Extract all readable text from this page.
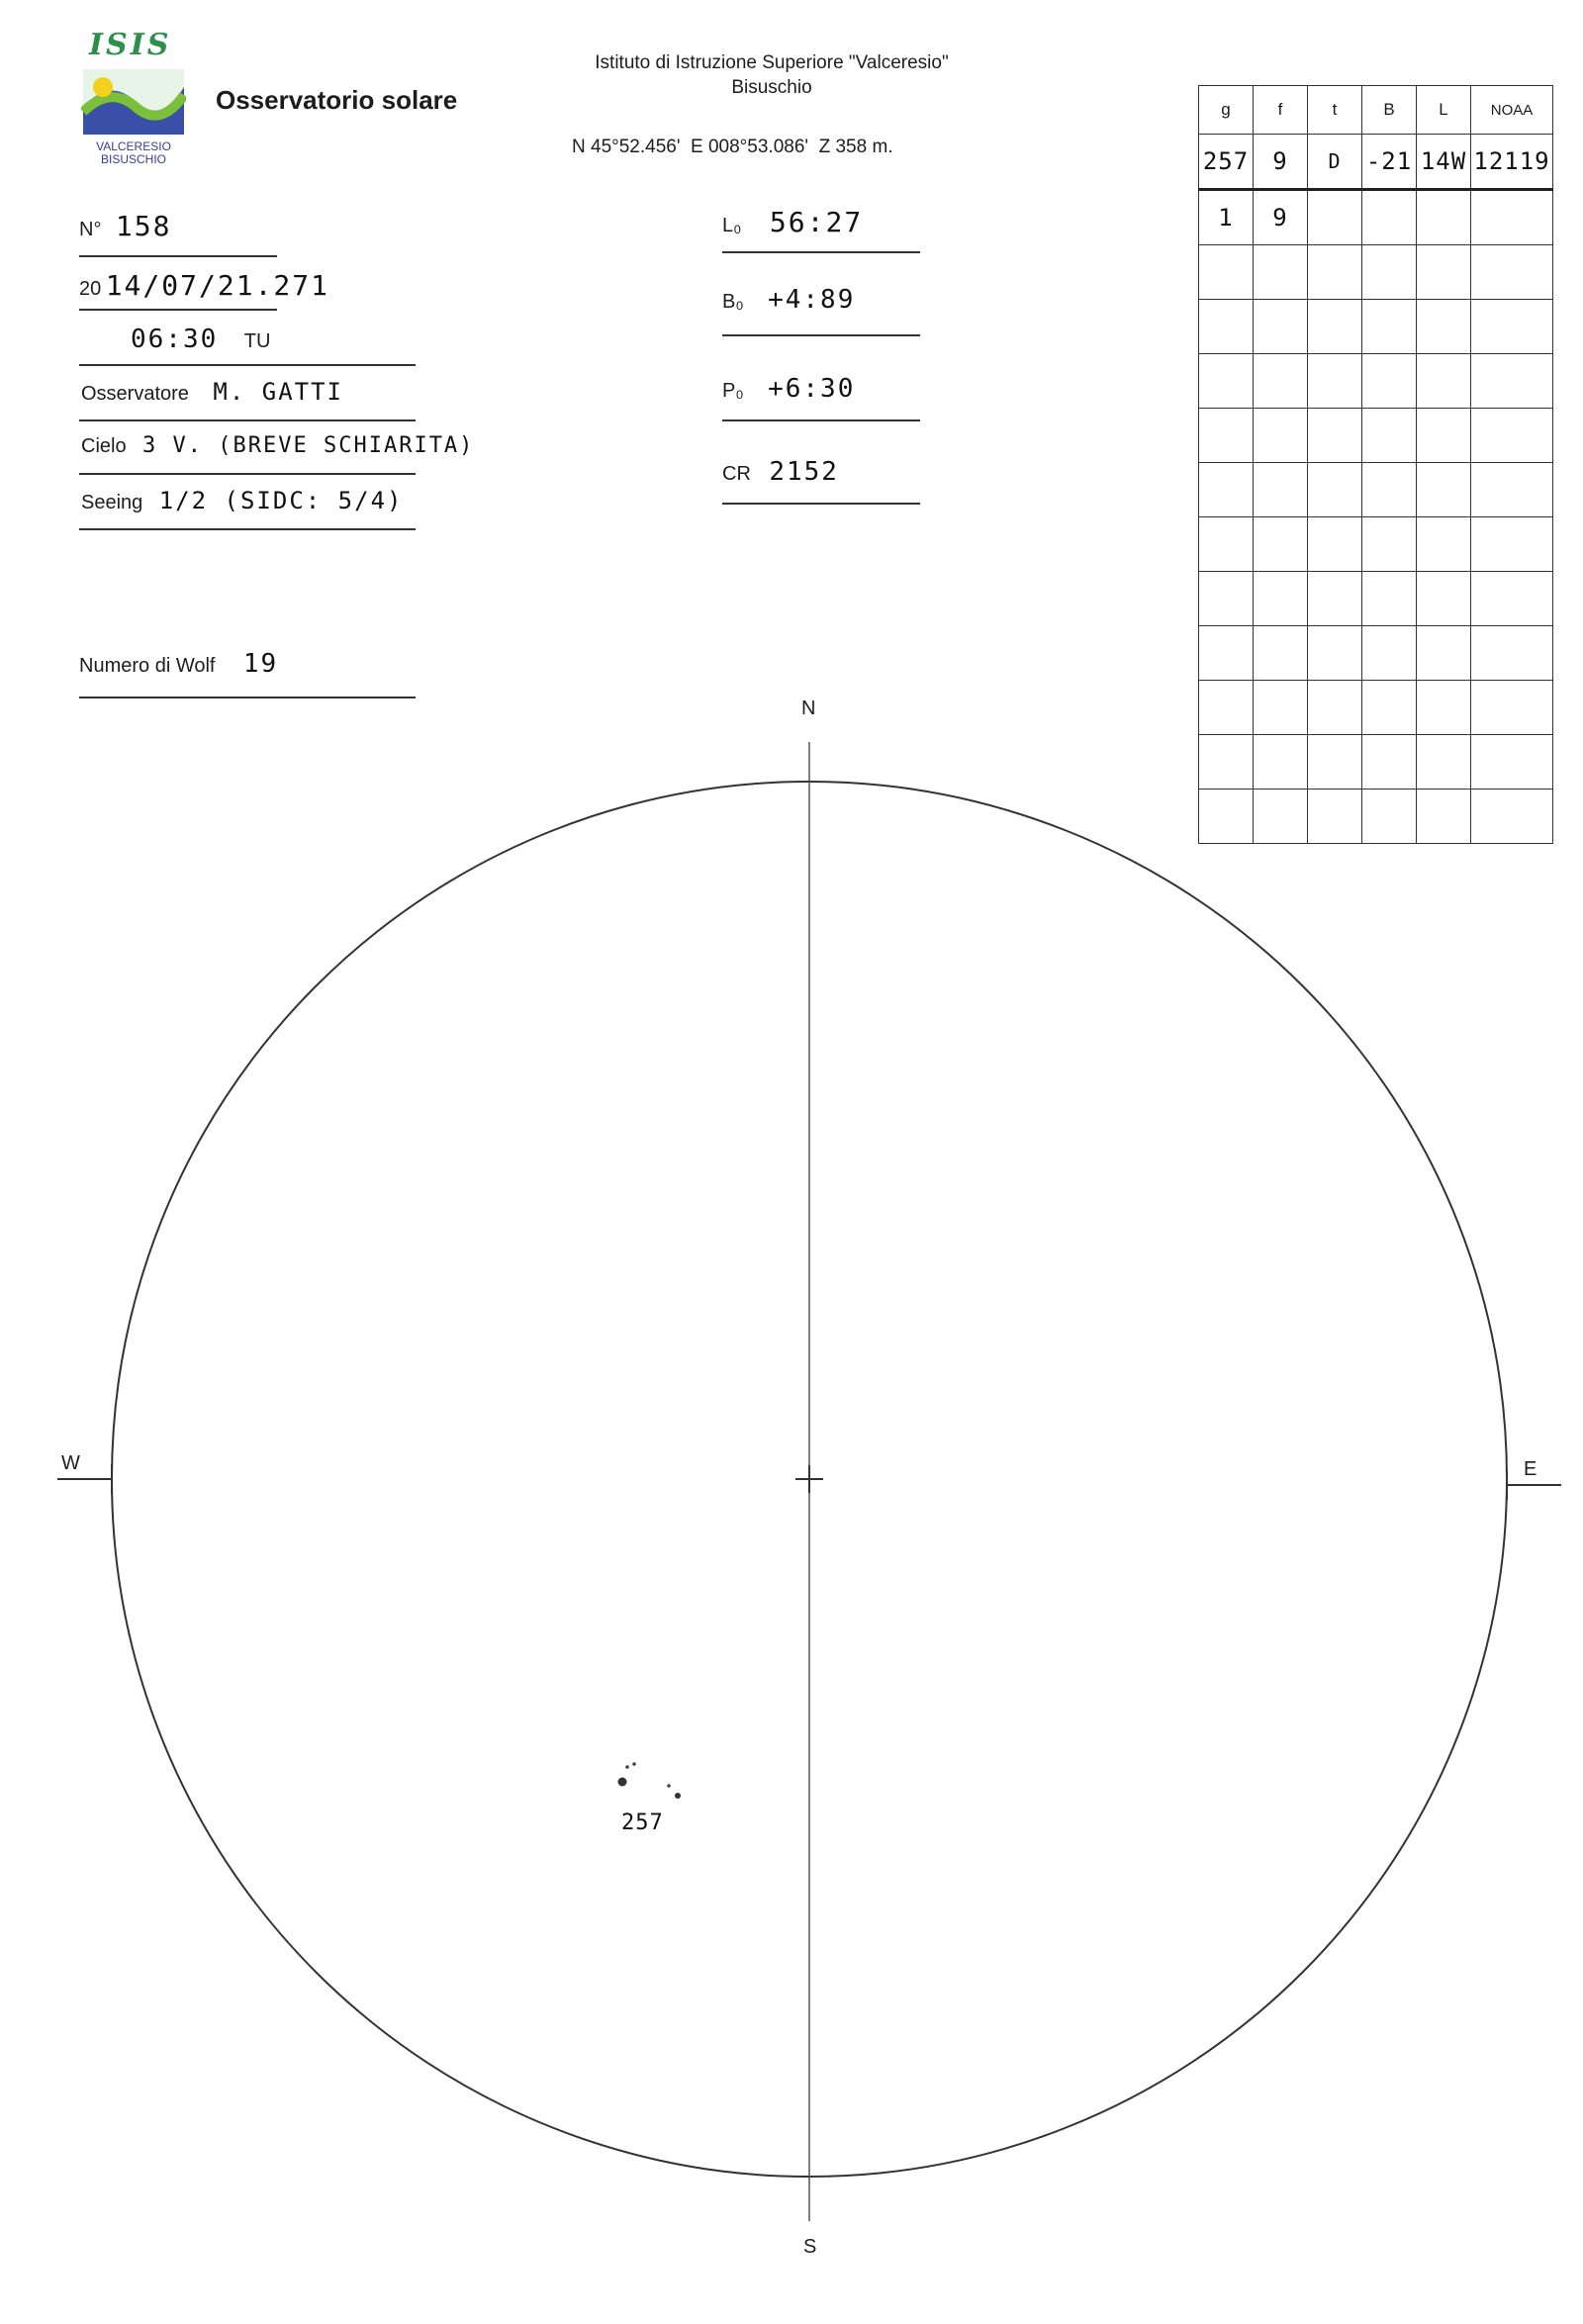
ISIS
VALCERESIO
BISUSCHIO
Osservatorio solare
Istituto di Istruzione Superiore "Valceresio"
Bisuschio
N 45°52.456'  E 008°53.086'  Z 358 m.
N° 158
20 14/07/21.271
06:30 TU
Osservatore M. GATTI
Cielo 3 V. (BREVE SCHIARITA)
Seeing 1/2 (SIDC: 5/4)
Numero di Wolf 19
L₀ 56:27
B₀ +4:89
P₀ +6:30
CR 2152
g	f	t	B	L	NOAA
257	9	D	-21	14W	12119
1	9				

N
S
W	E
257
